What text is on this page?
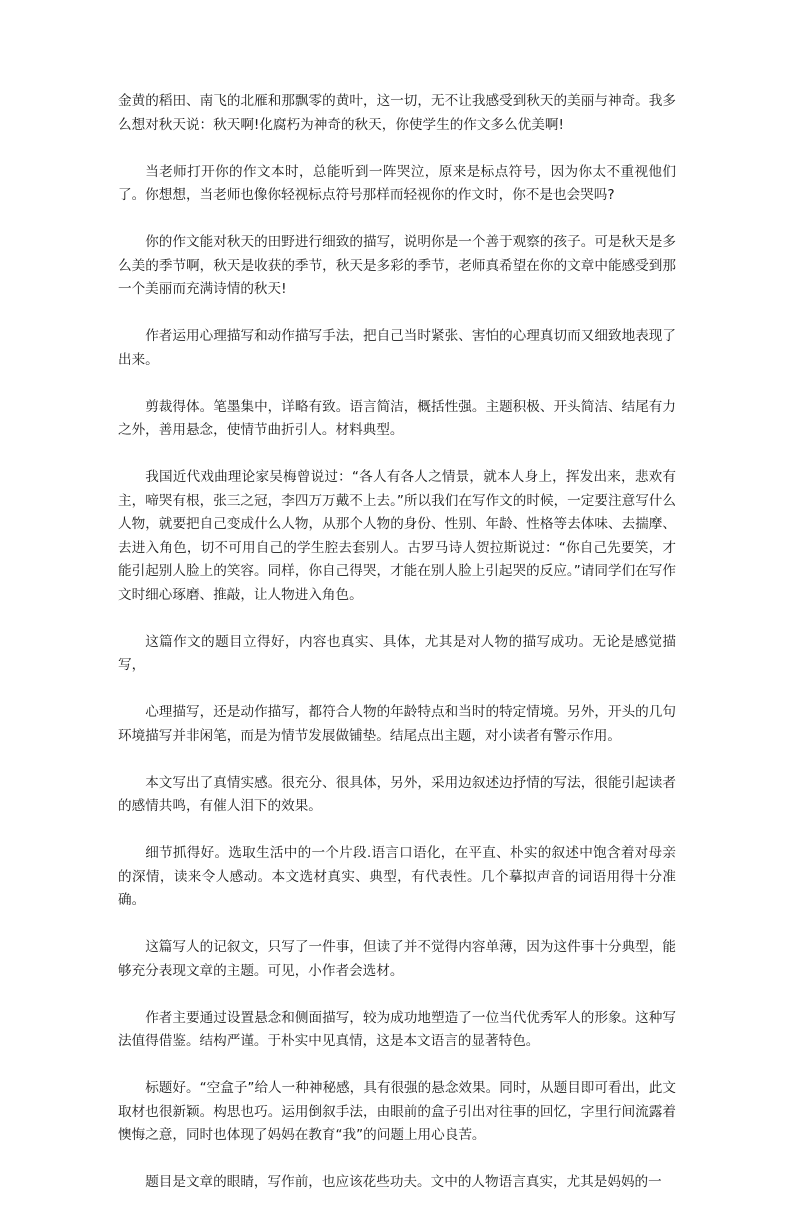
金黄的稻田、南飞的北雁和那飘零的黄叶，这一切，无不让我感受到秋天的美丽与神奇。我多么想对秋天说：秋天啊!化腐朽为神奇的秋天，你使学生的作文多么优美啊!

当老师打开你的作文本时，总能听到一阵哭泣，原来是标点符号，因为你太不重视他们了。你想想，当老师也像你轻视标点符号那样而轻视你的作文时，你不是也会哭吗?

你的作文能对秋天的田野进行细致的描写，说明你是一个善于观察的孩子。可是秋天是多么美的季节啊，秋天是收获的季节，秋天是多彩的季节，老师真希望在你的文章中能感受到那一个美丽而充满诗情的秋天!

作者运用心理描写和动作描写手法，把自己当时紧张、害怕的心理真切而又细致地表现了出来。

剪裁得体。笔墨集中，详略有致。语言简洁，概括性强。主题积极、开头简洁、结尾有力之外，善用悬念，使情节曲折引人。材料典型。

我国近代戏曲理论家吴梅曾说过：“各人有各人之情景，就本人身上，挥发出来，悲欢有主，啼哭有根，张三之冠，李四万万戴不上去。”所以我们在写作文的时候，一定要注意写什么人物，就要把自己变成什么人物，从那个人物的身份、性别、年龄、性格等去体味、去揣摩、去进入角色，切不可用自己的学生腔去套别人。古罗马诗人贺拉斯说过：“你自己先要笑，才能引起别人脸上的笑容。同样，你自己得哭，才能在别人脸上引起哭的反应。”请同学们在写作文时细心琢磨、推敲，让人物进入角色。

这篇作文的题目立得好，内容也真实、具体，尤其是对人物的描写成功。无论是感觉描写，

心理描写，还是动作描写，都符合人物的年龄特点和当时的特定情境。另外，开头的几句环境描写并非闲笔，而是为情节发展做铺垫。结尾点出主题，对小读者有警示作用。

本文写出了真情实感。很充分、很具体，另外，采用边叙述边抒情的写法，很能引起读者的感情共鸣，有催人泪下的效果。

细节抓得好。选取生活中的一个片段.语言口语化，在平直、朴实的叙述中饱含着对母亲的深情，读来令人感动。本文选材真实、典型，有代表性。几个摹拟声音的词语用得十分准确。

这篇写人的记叙文，只写了一件事，但读了并不觉得内容单薄，因为这件事十分典型，能够充分表现文章的主题。可见，小作者会选材。

作者主要通过设置悬念和侧面描写，较为成功地塑造了一位当代优秀军人的形象。这种写法值得借鉴。结构严谨。于朴实中见真情，这是本文语言的显著特色。

标题好。“空盒子”给人一种神秘感，具有很强的悬念效果。同时，从题目即可看出，此文取材也很新颖。构思也巧。运用倒叙手法，由眼前的盒子引出对往事的回忆，字里行间流露着懊悔之意，同时也体现了妈妈在教育“我”的问题上用心良苦。

题目是文章的眼睛，写作前，也应该花些功夫。文中的人物语言真实，尤其是妈妈的一
